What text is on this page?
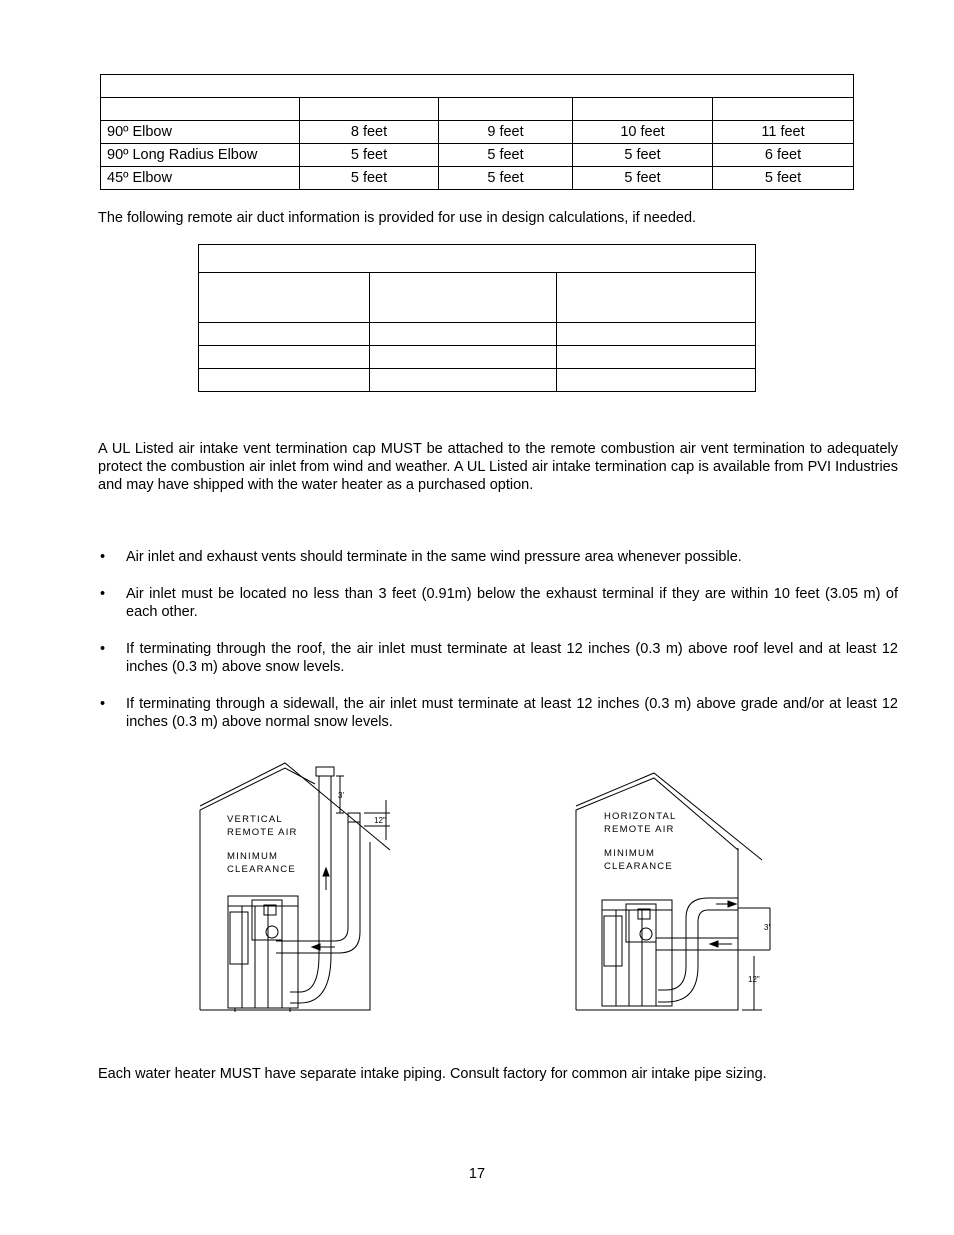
90º Elbow	8 feet	9 feet	10 feet	11 feet
90º Long Radius Elbow	5 feet	5 feet	5 feet	6 feet
45º Elbow	5 feet	5 feet	5 feet	5 feet

The following remote air duct information is provided for use in design calculations, if needed.

A UL Listed air intake vent termination cap MUST be attached to the remote combustion air vent termination to adequately protect the combustion air inlet from wind and weather. A UL Listed air intake termination cap is available from PVI Industries and may have shipped with the water heater as a purchased option.

• Air inlet and exhaust vents should terminate in the same wind pressure area whenever possible.
• Air inlet must be located no less than 3 feet (0.91m) below the exhaust terminal if they are within 10 feet (3.05 m) of each other.
• If terminating through the roof, the air inlet must terminate at least 12 inches (0.3 m) above roof level and at least 12 inches (0.3 m) above snow levels.
• If terminating through a sidewall, the air inlet must terminate at least 12 inches (0.3 m) above grade and/or at least 12 inches (0.3 m) above normal snow levels.
VERTICAL
REMOTE AIR
MINIMUM
CLEARANCE
3'
12"	HORIZONTAL
REMOTE AIR
MINIMUM
CLEARANCE
3'
12"

Each water heater MUST have separate intake piping. Consult factory for common air intake pipe sizing.

17
